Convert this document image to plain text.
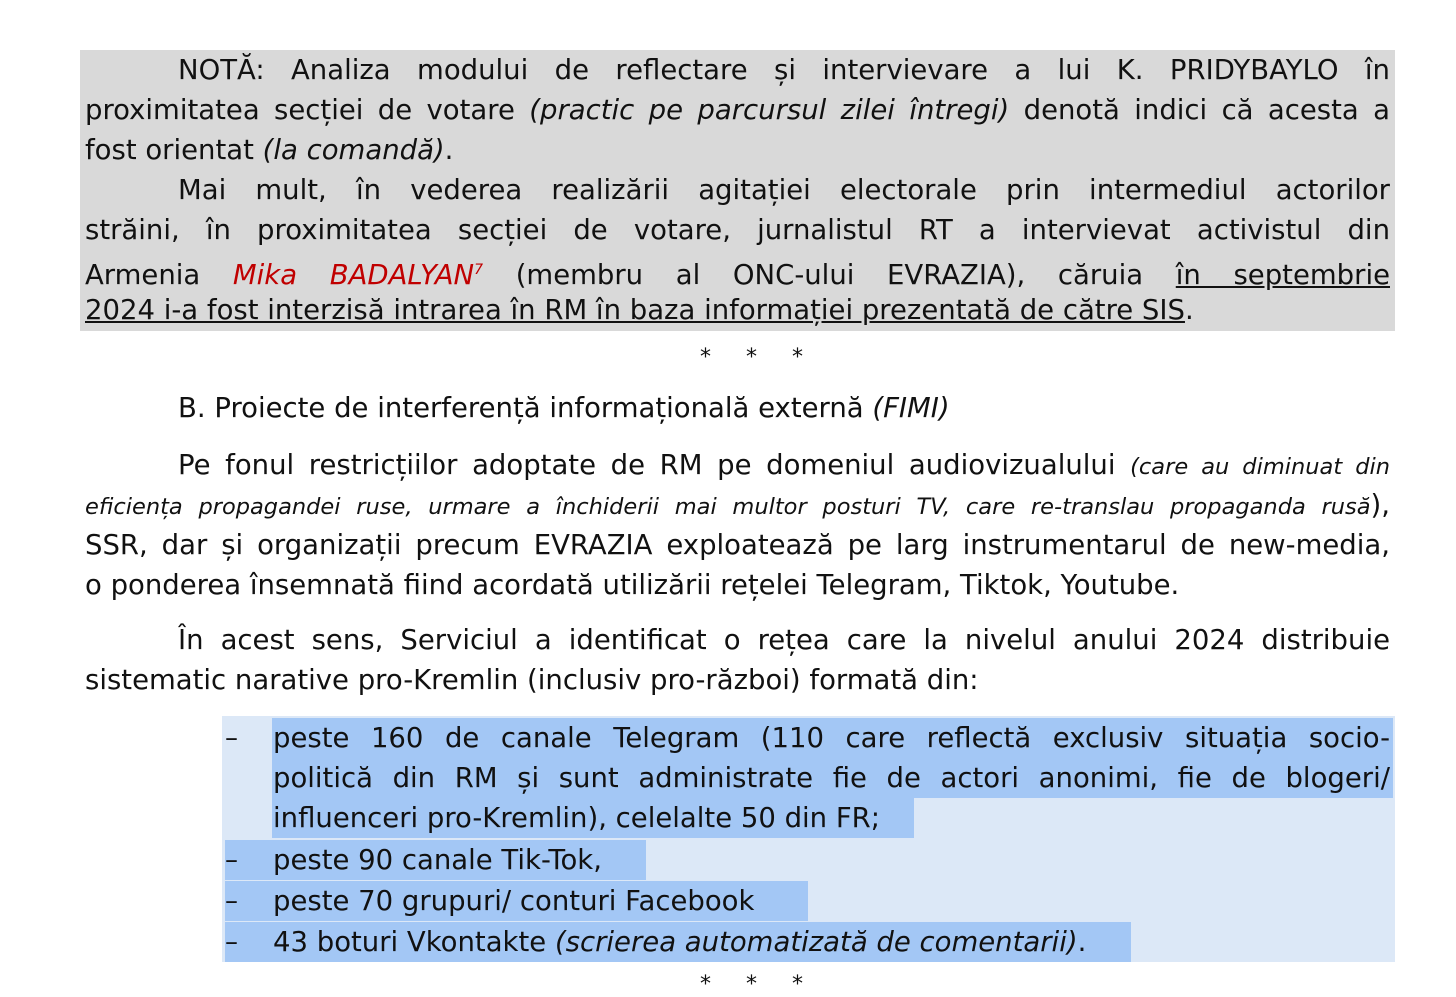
NOTĂ: Analiza modului de reflectare și intervievare a lui K. PRIDYBAYLO în
proximitatea secției de votare (practic pe parcursul zilei întregi) denotă indici că acesta a
fost orientat (la comandă).
Mai mult, în vederea realizării agitației electorale prin intermediul actorilor
străini, în proximitatea secției de votare, jurnalistul RT a intervievat activistul din
Armenia Mika BADALYAN$^7$ (membru al ONC-ului EVRAZIA), căruia în septembrie
2024 i-a fost interzisă intrarea în RM în baza informației prezentată de către SIS.
* * *
B. Proiecte de interferență informațională externă (FIMI)
Pe fonul restricțiilor adoptate de RM pe domeniul audiovizualului (care au diminuat din
eficiența propagandei ruse, urmare a închiderii mai multor posturi TV, care re-translau propaganda rusă),
SSR, dar și organizații precum EVRAZIA exploatează pe larg instrumentarul de new-media,
o ponderea însemnată fiind acordată utilizării rețelei Telegram, Tiktok, Youtube.
În acest sens, Serviciul a identificat o rețea care la nivelul anului 2024 distribuie
sistematic narative pro-Kremlin (inclusiv pro-război) formată din:
–	peste 160 de canale Telegram (110 care reflectă exclusiv situația socio-
politică din RM și sunt administrate fie de actori anonimi, fie de blogeri/
influenceri pro-Kremlin), celelalte 50 din FR;
–	peste 90 canale Tik-Tok,
–	peste 70 grupuri/ conturi Facebook
–	43 boturi Vkontakte (scrierea automatizată de comentarii).
* * *
